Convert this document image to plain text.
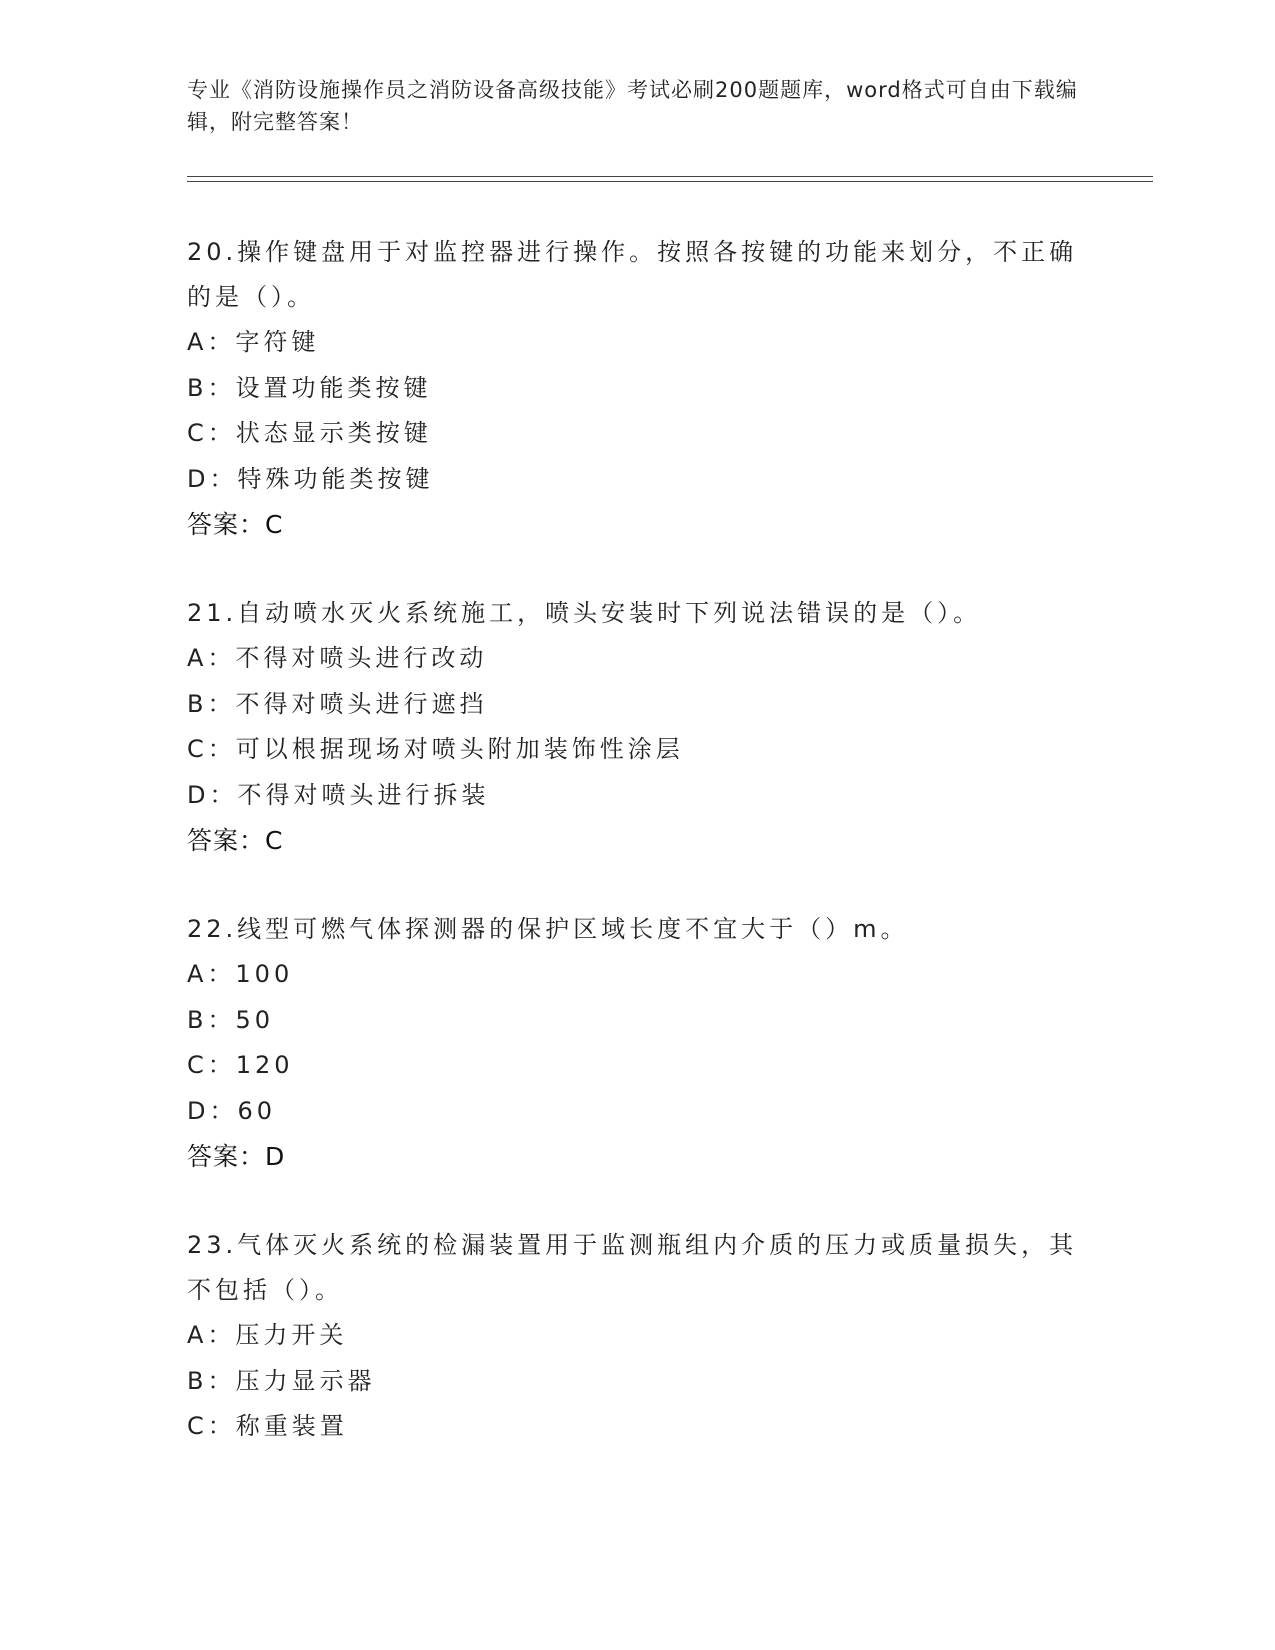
专业《消防设施操作员之消防设备高级技能》考试必刷200题题库，word格式可自由下载编辑，附完整答案！

20.操作键盘用于对监控器进行操作。按照各按键的功能来划分，不正确的是（）。

A：字符键

B：设置功能类按键

C：状态显示类按键

D：特殊功能类按键

答案：C

21.自动喷水灭火系统施工，喷头安装时下列说法错误的是（）。

A：不得对喷头进行改动

B：不得对喷头进行遮挡

C：可以根据现场对喷头附加装饰性涂层

D：不得对喷头进行拆装

答案：C

22.线型可燃气体探测器的保护区域长度不宜大于（）m。

A：100

B：50

C：120

D：60

答案：D

23.气体灭火系统的检漏装置用于监测瓶组内介质的压力或质量损失，其不包括（）。

A：压力开关

B：压力显示器

C：称重装置
